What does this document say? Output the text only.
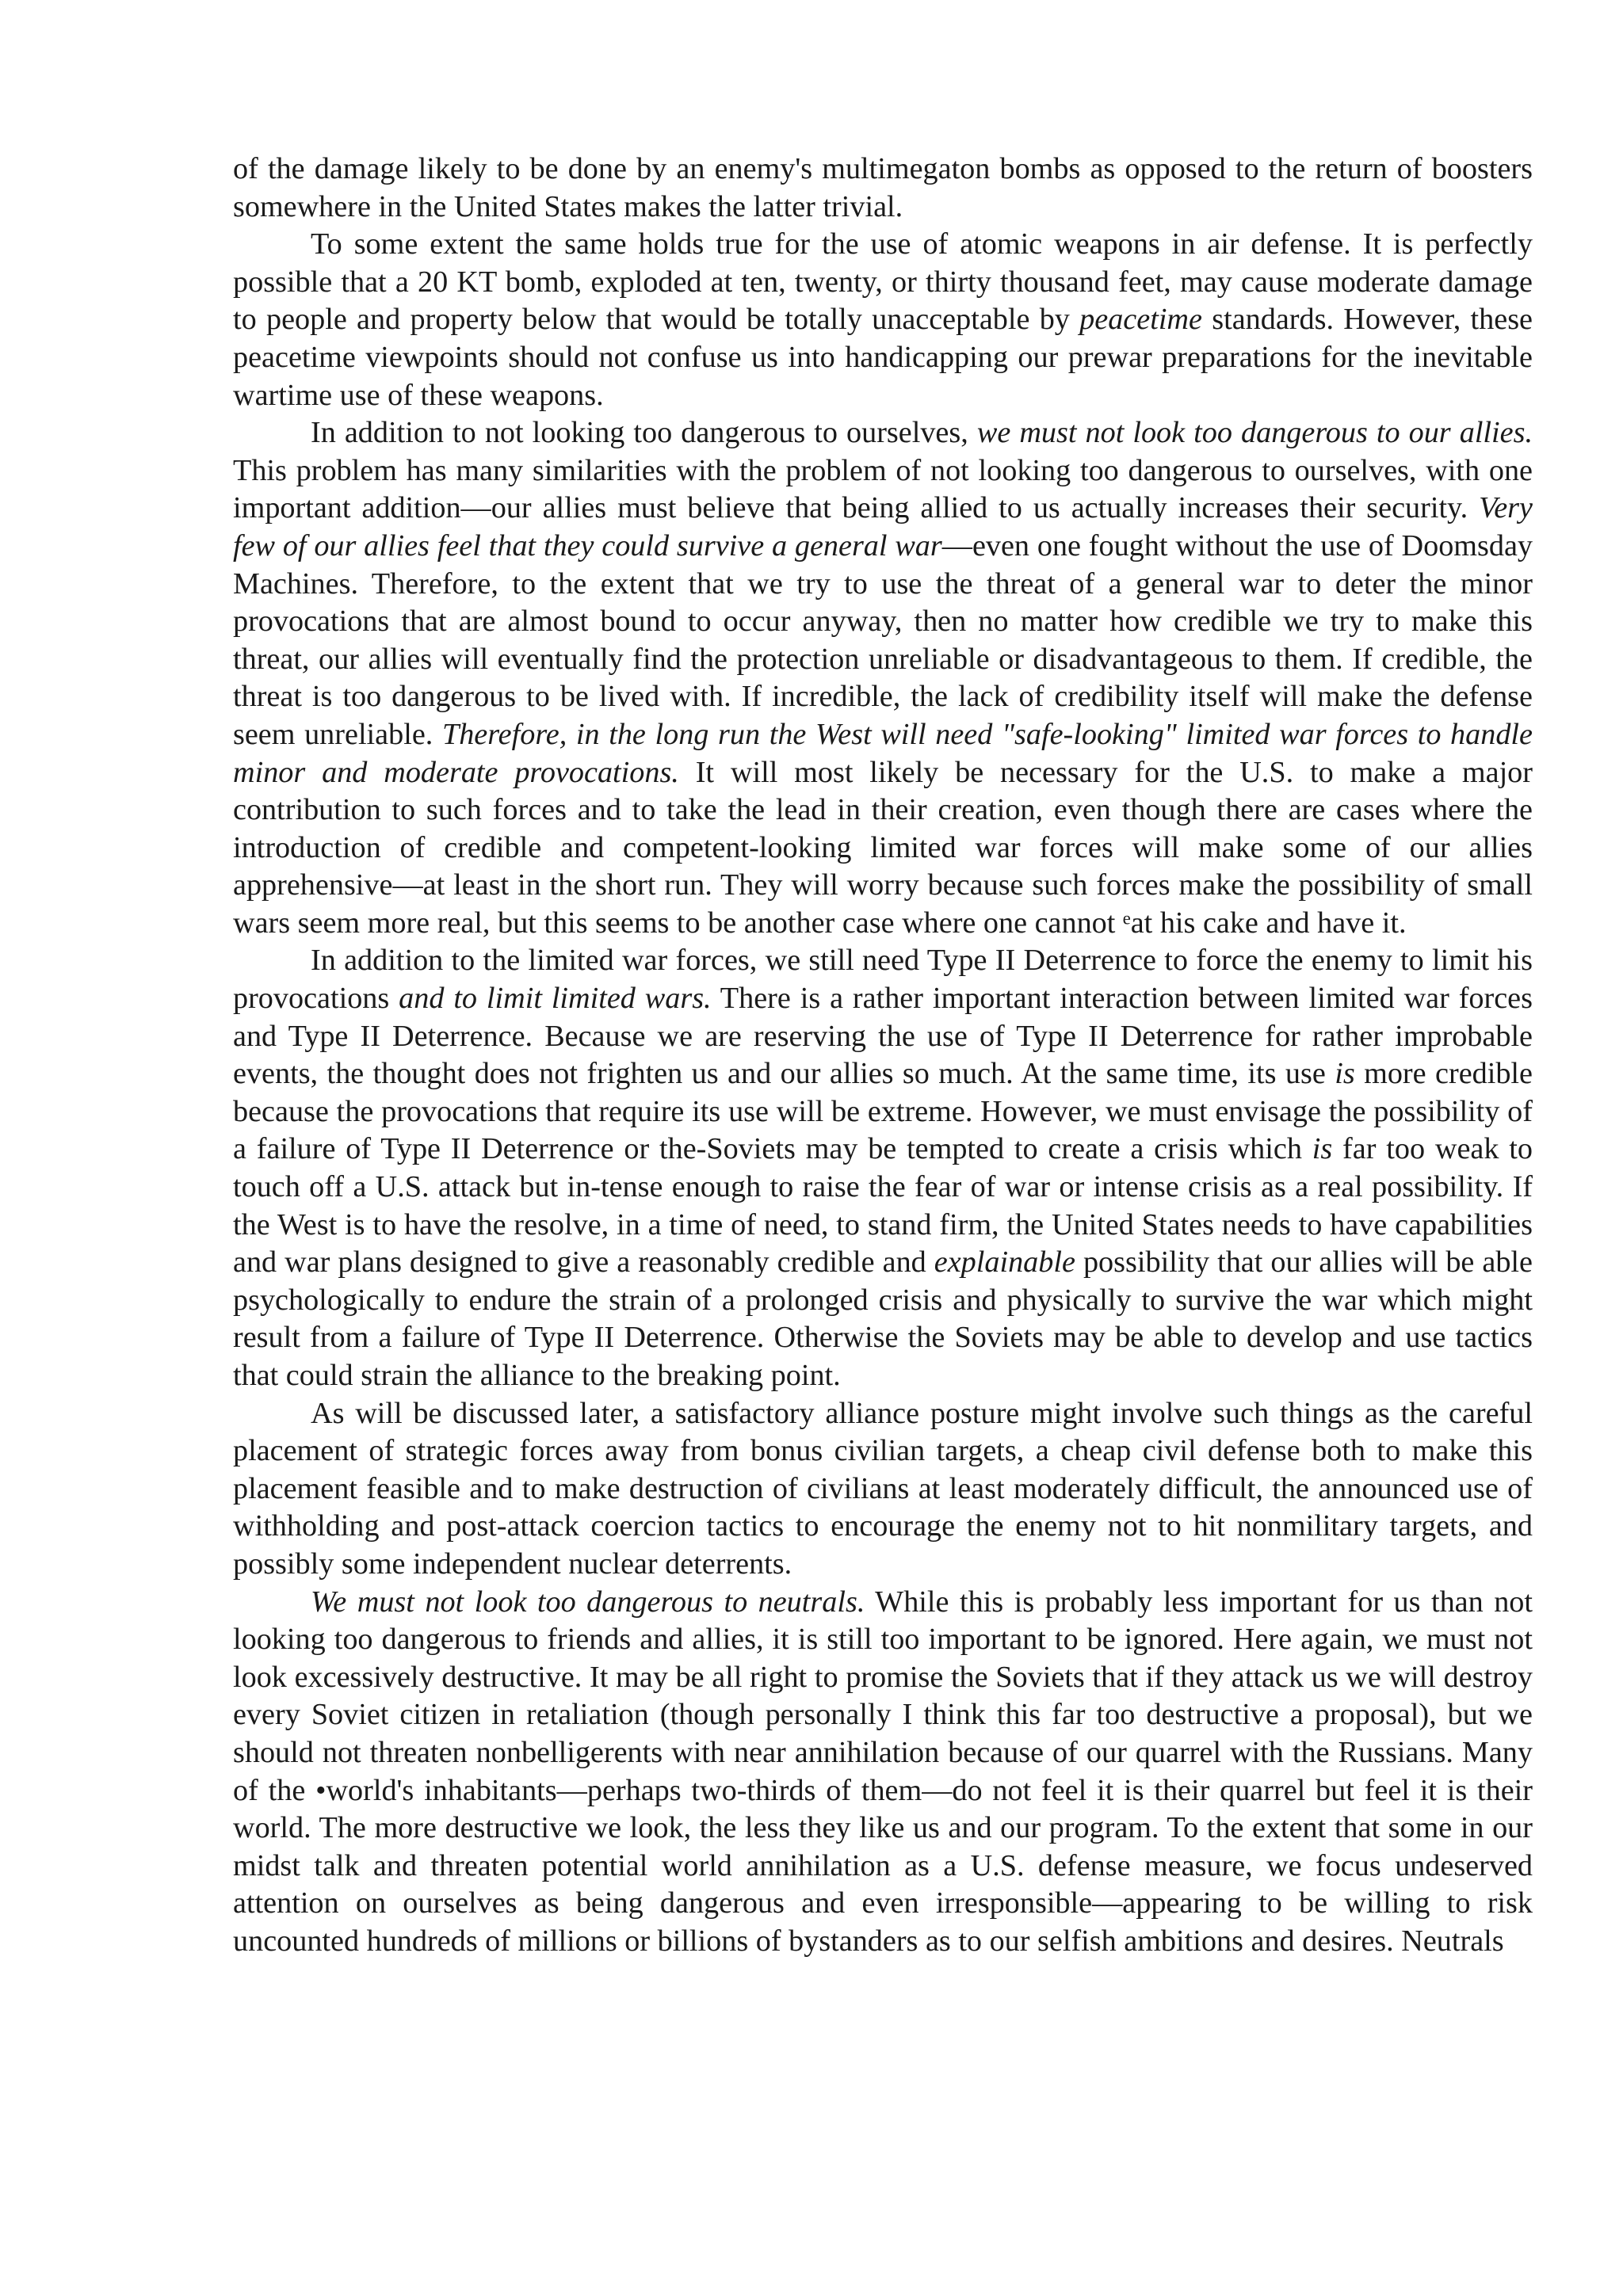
of the damage likely to be done by an enemy's multimegaton bombs as opposed to the return of boosters somewhere in the United States makes the latter trivial.

To some extent the same holds true for the use of atomic weapons in air defense. It is perfectly possible that a 20 KT bomb, exploded at ten, twenty, or thirty thousand feet, may cause moderate damage to people and property below that would be totally unacceptable by peacetime standards. However, these peacetime viewpoints should not confuse us into handicapping our prewar preparations for the inevitable wartime use of these weapons.

In addition to not looking too dangerous to ourselves, we must not look too dangerous to our allies. This problem has many similarities with the problem of not looking too dangerous to ourselves, with one important addition—our allies must believe that being allied to us actually increases their security. Very few of our allies feel that they could survive a general war—even one fought without the use of Doomsday Machines. Therefore, to the extent that we try to use the threat of a general war to deter the minor provocations that are almost bound to occur anyway, then no matter how credible we try to make this threat, our allies will eventually find the protection unreliable or disadvantageous to them. If credible, the threat is too dangerous to be lived with. If incredible, the lack of credibility itself will make the defense seem unreliable. Therefore, in the long run the West will need "safe-looking" limited war forces to handle minor and moderate provocations. It will most likely be necessary for the U.S. to make a major contribution to such forces and to take the lead in their creation, even though there are cases where the introduction of credible and competent-looking limited war forces will make some of our allies apprehensive—at least in the short run. They will worry because such forces make the possibility of small wars seem more real, but this seems to be another case where one cannot ᵉat his cake and have it.

In addition to the limited war forces, we still need Type II Deterrence to force the enemy to limit his provocations and to limit limited wars. There is a rather important interaction between limited war forces and Type II Deterrence. Because we are reserving the use of Type II Deterrence for rather improbable events, the thought does not frighten us and our allies so much. At the same time, its use is more credible because the provocations that require its use will be extreme. However, we must envisage the possibility of a failure of Type II Deterrence or the-Soviets may be tempted to create a crisis which is far too weak to touch off a U.S. attack but in-tense enough to raise the fear of war or intense crisis as a real possibility. If the West is to have the resolve, in a time of need, to stand firm, the United States needs to have capabilities and war plans designed to give a reasonably credible and explainable possibility that our allies will be able psychologically to endure the strain of a prolonged crisis and physically to survive the war which might result from a failure of Type II Deterrence. Otherwise the Soviets may be able to develop and use tactics that could strain the alliance to the breaking point.

As will be discussed later, a satisfactory alliance posture might involve such things as the careful placement of strategic forces away from bonus civilian targets, a cheap civil defense both to make this placement feasible and to make destruction of civilians at least moderately difficult, the announced use of withholding and post-attack coercion tactics to encourage the enemy not to hit nonmilitary targets, and possibly some independent nuclear deterrents.

We must not look too dangerous to neutrals. While this is probably less important for us than not looking too dangerous to friends and allies, it is still too important to be ignored. Here again, we must not look excessively destructive. It may be all right to promise the Soviets that if they attack us we will destroy every Soviet citizen in retaliation (though personally I think this far too destructive a proposal), but we should not threaten nonbelligerents with near annihilation because of our quarrel with the Russians. Many of the •world's inhabitants—perhaps two-thirds of them—do not feel it is their quarrel but feel it is their world. The more destructive we look, the less they like us and our program. To the extent that some in our midst talk and threaten potential world annihilation as a U.S. defense measure, we focus undeserved attention on ourselves as being dangerous and even irresponsible—appearing to be willing to risk uncounted hundreds of millions or billions of bystanders as to our selfish ambitions and desires. Neutrals
